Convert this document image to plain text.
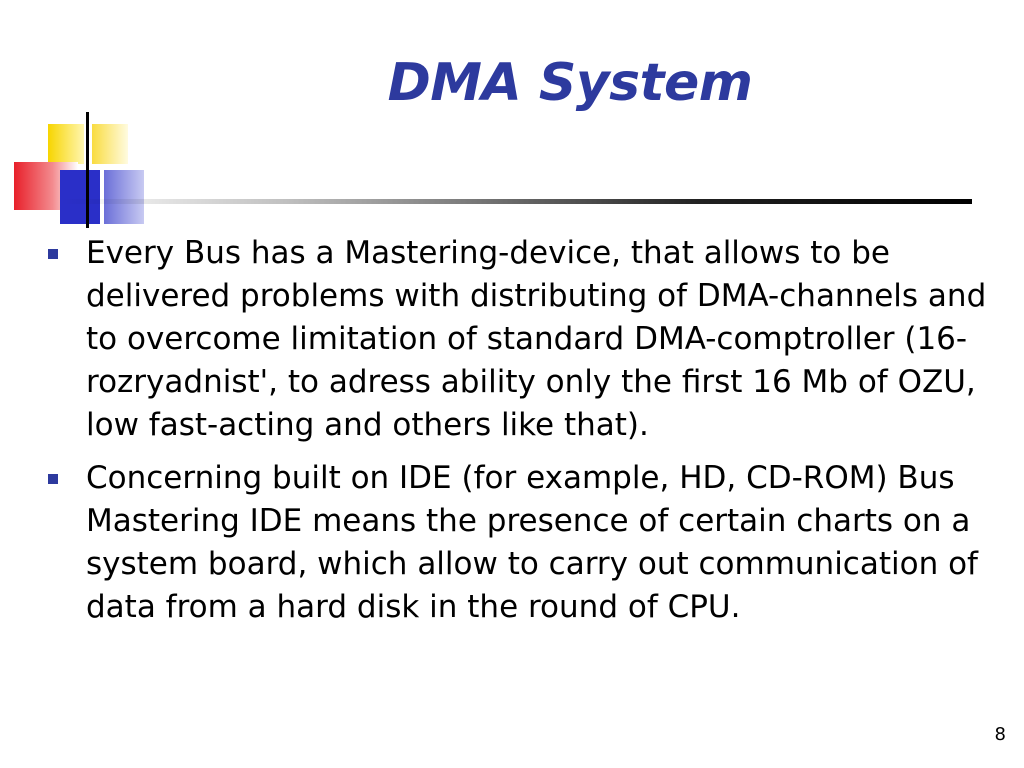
DMA System
Every Bus has a Mastering-device, that allows to be delivered problems with distributing of DMA-channels and to overcome limitation of standard DMA-comptroller (16-rozryadnist', to adress ability only the first 16 Mb of OZU, low fast-acting and others like that).
Concerning built on IDE (for example, HD, CD-ROM) Bus Mastering IDE means the presence of certain charts on a system board, which allow to carry out communication of data from a hard disk in the round of CPU.
8
